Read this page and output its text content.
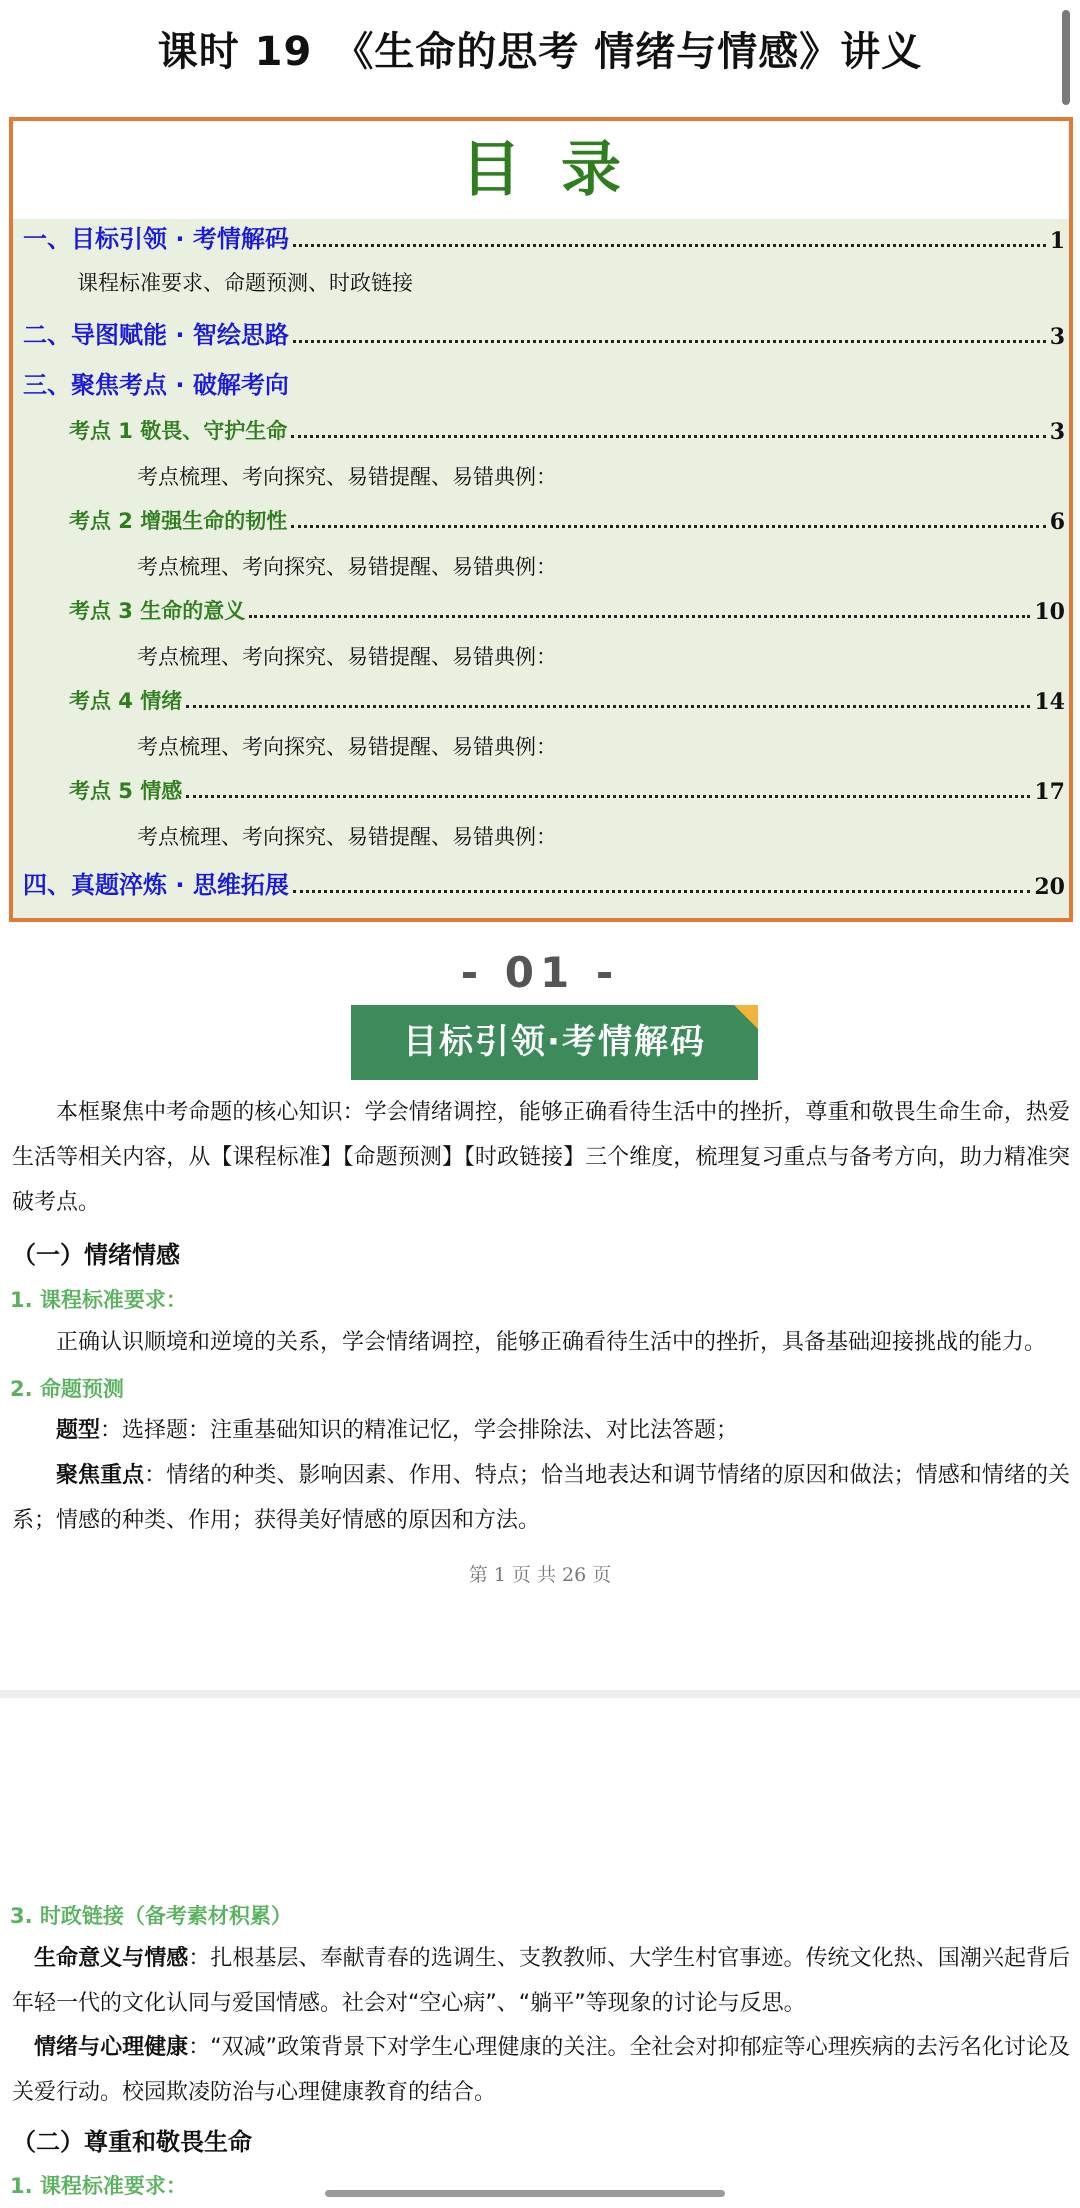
课时 19　《生命的思考 情绪与情感》讲义
目录
一、目标引领 · 考情解码	1
课程标准要求、命题预测、时政链接
二、导图赋能 · 智绘思路	3
三、聚焦考点 · 破解考向
考点 1 敬畏、守护生命	3
考点梳理、考向探究、易错提醒、易错典例：
考点 2 增强生命的韧性	6
考点梳理、考向探究、易错提醒、易错典例：
考点 3 生命的意义	10
考点梳理、考向探究、易错提醒、易错典例：
考点 4 情绪	14
考点梳理、考向探究、易错提醒、易错典例：
考点 5 情感	17
考点梳理、考向探究、易错提醒、易错典例：
四、真题淬炼 · 思维拓展	20
- 01 -
目标引领·考情解码
本框聚焦中考命题的核心知识：学会情绪调控，能够正确看待生活中的挫折，尊重和敬畏生命生命，热爱生活等相关内容，从【课程标准】【命题预测】【时政链接】三个维度，梳理复习重点与备考方向，助力精准突破考点。
（一）情绪情感
1. 课程标准要求：
正确认识顺境和逆境的关系，学会情绪调控，能够正确看待生活中的挫折，具备基础迎接挑战的能力。
2. 命题预测
题型：选择题：注重基础知识的精准记忆，学会排除法、对比法答题；
聚焦重点：情绪的种类、影响因素、作用、特点；恰当地表达和调节情绪的原因和做法；情感和情绪的关系；情感的种类、作用；获得美好情感的原因和方法。
第 1 页 共 26 页
3. 时政链接（备考素材积累）
生命意义与情感：扎根基层、奉献青春的选调生、支教教师、大学生村官事迹。传统文化热、国潮兴起背后年轻一代的文化认同与爱国情感。社会对“空心病”、“躺平”等现象的讨论与反思。
情绪与心理健康：“双减”政策背景下对学生心理健康的关注。全社会对抑郁症等心理疾病的去污名化讨论及关爱行动。校园欺凌防治与心理健康教育的结合。
（二）尊重和敬畏生命
1. 课程标准要求：
